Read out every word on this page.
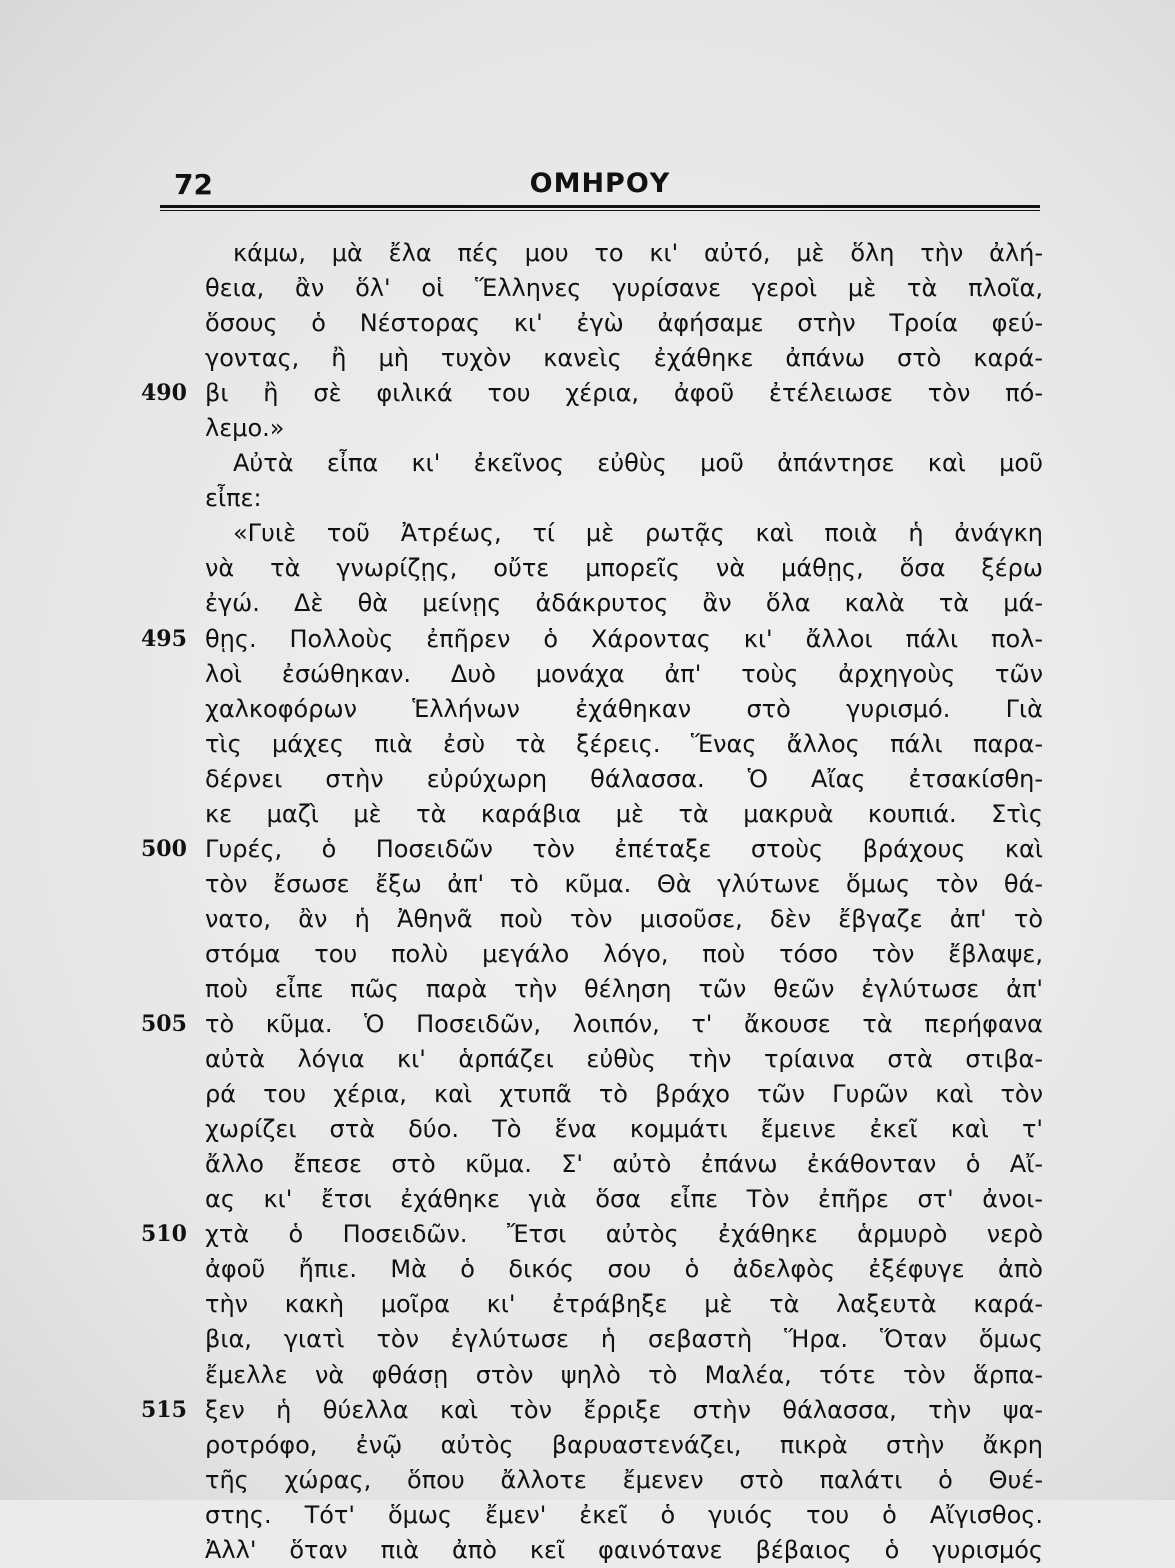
72	ΟΜΗΡΟΥ
κάμω, μὰ ἔλα πές μου το κι' αὐτό, μὲ ὅλη τὴν ἀλή-
θεια, ἂν ὅλ' οἱ Ἕλληνες γυρίσανε γεροὶ μὲ τὰ πλοῖα,
ὅσους ὁ Νέστορας κι' ἐγὼ ἀφήσαμε στὴν Τροία φεύ-
γοντας, ἢ μὴ τυχὸν κανεὶς ἐχάθηκε ἀπάνω στὸ καρά-
490 βι ἢ σὲ φιλικά του χέρια, ἀφοῦ ἐτέλειωσε τὸν πό-
λεμο.»
Αὐτὰ εἶπα κι' ἐκεῖνος εὐθὺς μοῦ ἀπάντησε καὶ μοῦ
εἶπε:
«Γυιὲ τοῦ Ἀτρέως, τί μὲ ρωτᾷς καὶ ποιὰ ἡ ἀνάγκη
νὰ τὰ γνωρίζῃς, οὔτε μπορεῖς νὰ μάθῃς, ὅσα ξέρω
ἐγώ. Δὲ θὰ μείνῃς ἀδάκρυτος ἂν ὅλα καλὰ τὰ μά-
495 θῃς. Πολλοὺς ἐπῆρεν ὁ Χάροντας κι' ἄλλοι πάλι πολ-
λοὶ ἐσώθηκαν. Δυὸ μονάχα ἀπ' τοὺς ἀρχηγοὺς τῶν
χαλκοφόρων Ἑλλήνων ἐχάθηκαν στὸ γυρισμό. Γιὰ
τὶς μάχες πιὰ ἐσὺ τὰ ξέρεις. Ἕνας ἄλλος πάλι παρα-
δέρνει στὴν εὐρύχωρη θάλασσα. Ὁ Αἴας ἐτσακίσθη-
κε μαζὶ μὲ τὰ καράβια μὲ τὰ μακρυὰ κουπιά. Στὶς
500 Γυρές, ὁ Ποσειδῶν τὸν ἐπέταξε στοὺς βράχους καὶ
τὸν ἔσωσε ἔξω ἀπ' τὸ κῦμα. Θὰ γλύτωνε ὅμως τὸν θά-
νατο, ἂν ἡ Ἀθηνᾶ ποὺ τὸν μισοῦσε, δὲν ἔβγαζε ἀπ' τὸ
στόμα του πολὺ μεγάλο λόγο, ποὺ τόσο τὸν ἔβλαψε,
ποὺ εἶπε πῶς παρὰ τὴν θέληση τῶν θεῶν ἐγλύτωσε ἀπ'
505 τὸ κῦμα. Ὁ Ποσειδῶν, λοιπόν, τ' ἄκουσε τὰ περήφανα
αὐτὰ λόγια κι' ἁρπάζει εὐθὺς τὴν τρίαινα στὰ στιβα-
ρά του χέρια, καὶ χτυπᾶ τὸ βράχο τῶν Γυρῶν καὶ τὸν
χωρίζει στὰ δύο. Τὸ ἕνα κομμάτι ἔμεινε ἐκεῖ καὶ τ'
ἄλλο ἔπεσε στὸ κῦμα. Σ' αὐτὸ ἐπάνω ἐκάθονταν ὁ Αἴ-
ας κι' ἔτσι ἐχάθηκε γιὰ ὅσα εἶπε Τὸν ἐπῆρε στ' ἀνοι-
510 χτὰ ὁ Ποσειδῶν. Ἔτσι αὐτὸς ἐχάθηκε ἁρμυρὸ νερὸ
ἀφοῦ ἤπιε. Μὰ ὁ δικός σου ὁ ἀδελφὸς ἐξέφυγε ἀπὸ
τὴν κακὴ μοῖρα κι' ἐτράβηξε μὲ τὰ λαξευτὰ καρά-
βια, γιατὶ τὸν ἐγλύτωσε ἡ σεβαστὴ Ἥρα. Ὅταν ὅμως
ἔμελλε νὰ φθάσῃ στὸν ψηλὸ τὸ Μαλέα, τότε τὸν ἅρπα-
515 ξεν ἡ θύελλα καὶ τὸν ἔρριξε στὴν θάλασσα, τὴν ψα-
ροτρόφο, ἐνῷ αὐτὸς βαρυαστενάζει, πικρὰ στὴν ἄκρη
τῆς χώρας, ὅπου ἄλλοτε ἔμενεν στὸ παλάτι ὁ Θυέ-
στης. Τότ' ὅμως ἔμεν' ἐκεῖ ὁ γυιός του ὁ Αἴγισθος.
Ἀλλ' ὅταν πιὰ ἀπὸ κεῖ φαινότανε βέβαιος ὁ γυρισμός
